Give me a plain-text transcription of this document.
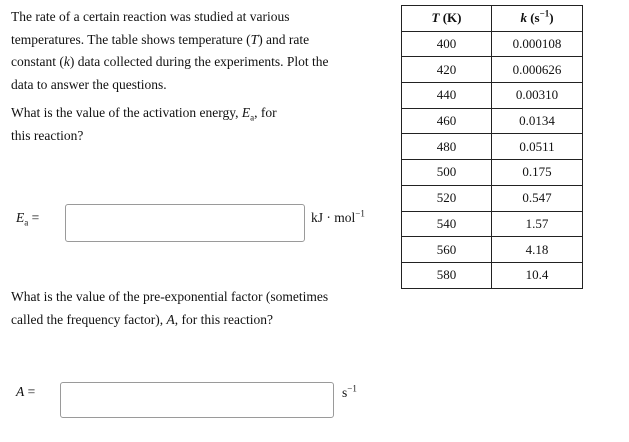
The rate of a certain reaction was studied at various
temperatures. The table shows temperature (T) and rate
constant (k) data collected during the experiments. Plot the
data to answer the questions.

What is the value of the activation energy, $E_a$, for
this reaction?

$E_a$ =	kJ · mol$^{-1}$

What is the value of the pre-exponential factor (sometimes
called the frequency factor), A, for this reaction?

A =	$s^{-1}$
T (K)	k $(s^{-1})$
400	0.000108
420	0.000626
440	0.00310
460	0.0134
480	0.0511
500	0.175
520	0.547
540	1.57
560	4.18
580	10.4
